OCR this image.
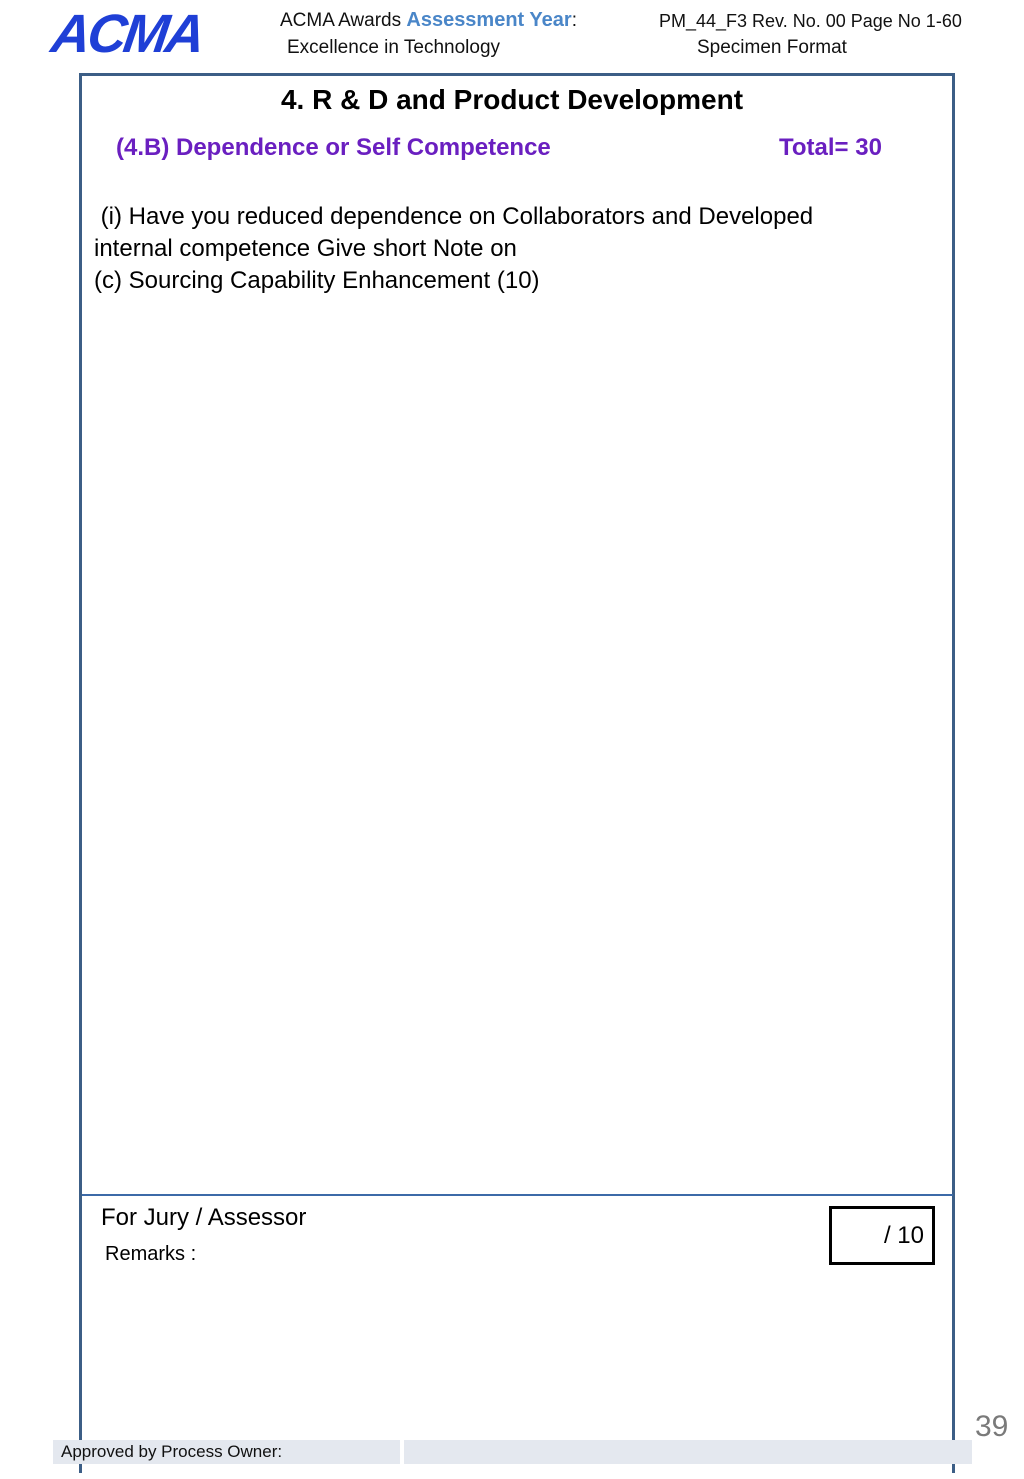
ACMA	ACMA Awards Assessment Year:
Excellence in Technology
PM_44_F3 Rev. No. 00 Page No 1-60
Specimen Format
4. R & D and Product Development
(4.B) Dependence or Self Competence	Total= 30
(i) Have you reduced dependence on Collaborators and Developed
internal competence Give short Note on
(c) Sourcing Capability Enhancement (10)
For Jury / Assessor
Remarks :
/ 10
39
Approved by Process Owner:
